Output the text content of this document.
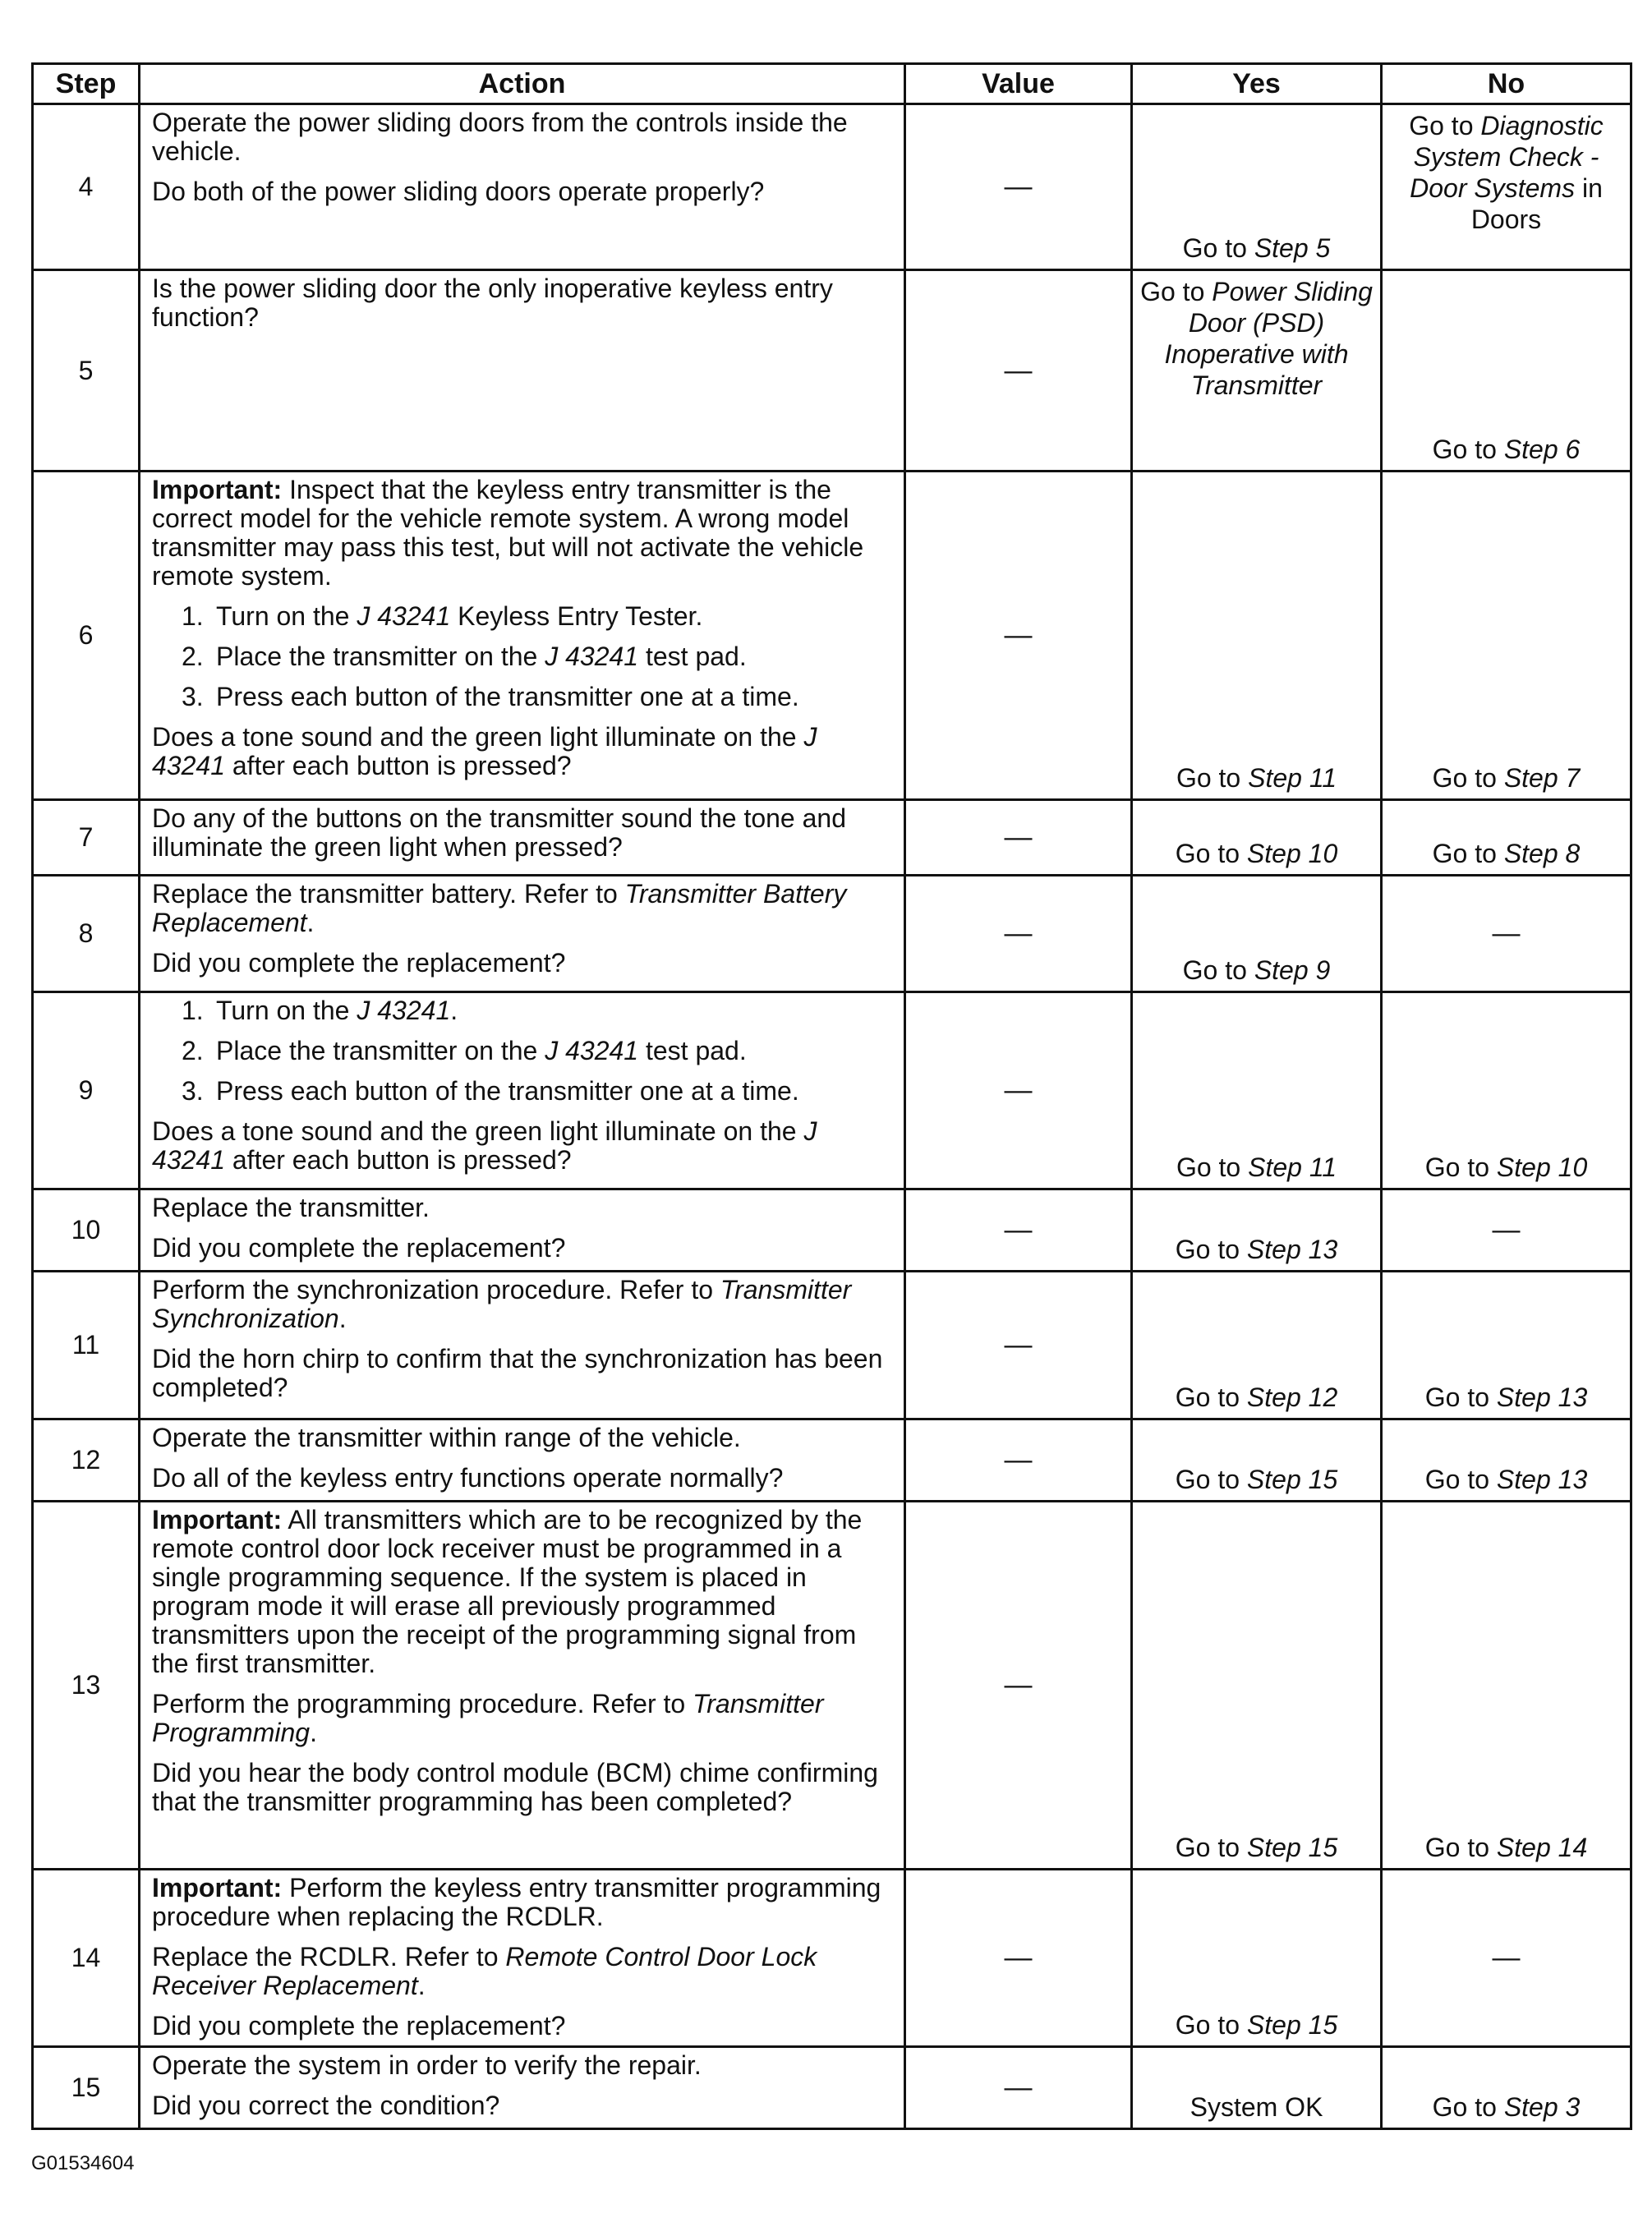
Step	Action	Value	Yes	No
4	Operate the power sliding doors from the controls inside the vehicle.
Do both of the power sliding doors operate properly?	—	Go to Step 5	Go to Diagnostic System Check - Door Systems in Doors

5	Is the power sliding door the only inoperative keyless entry function?	—	Go to Power Sliding Door (PSD) Inoperative with Transmitter	Go to Step 6

6	Important: Inspect that the keyless entry transmitter is the correct model for the vehicle remote system. A wrong model transmitter may pass this test, but will not activate the vehicle remote system.
1. Turn on the J 43241 Keyless Entry Tester.
2. Place the transmitter on the J 43241 test pad.
3. Press each button of the transmitter one at a time.
Does a tone sound and the green light illuminate on the J 43241 after each button is pressed?	—	Go to Step 11	Go to Step 7

7	Do any of the buttons on the transmitter sound the tone and illuminate the green light when pressed?	—	Go to Step 10	Go to Step 8

8	Replace the transmitter battery. Refer to Transmitter Battery Replacement.
Did you complete the replacement?	—	Go to Step 9	—
9	1. Turn on the J 43241.
2. Place the transmitter on the J 43241 test pad.
3. Press each button of the transmitter one at a time.
Does a tone sound and the green light illuminate on the J 43241 after each button is pressed?	—	Go to Step 11	Go to Step 10

10	Replace the transmitter.
Did you complete the replacement?	—	Go to Step 13	—
11	Perform the synchronization procedure. Refer to Transmitter Synchronization.
Did the horn chirp to confirm that the synchronization has been completed?	—	Go to Step 12	Go to Step 13

12	Operate the transmitter within range of the vehicle.
Do all of the keyless entry functions operate normally?	—	Go to Step 15	Go to Step 13

13	Important: All transmitters which are to be recognized by the remote control door lock receiver must be programmed in a single programming sequence. If the system is placed in program mode it will erase all previously programmed transmitters upon the receipt of the programming signal from the first transmitter.
Perform the programming procedure. Refer to Transmitter Programming.
Did you hear the body control module (BCM) chime confirming that the transmitter programming has been completed?	—	Go to Step 15	Go to Step 14

14	Important: Perform the keyless entry transmitter programming procedure when replacing the RCDLR.
Replace the RCDLR. Refer to Remote Control Door Lock Receiver Replacement.
Did you complete the replacement?	—	Go to Step 15	—
15	Operate the system in order to verify the repair.
Did you correct the condition?	—	System OK	Go to Step 3
G01534604
